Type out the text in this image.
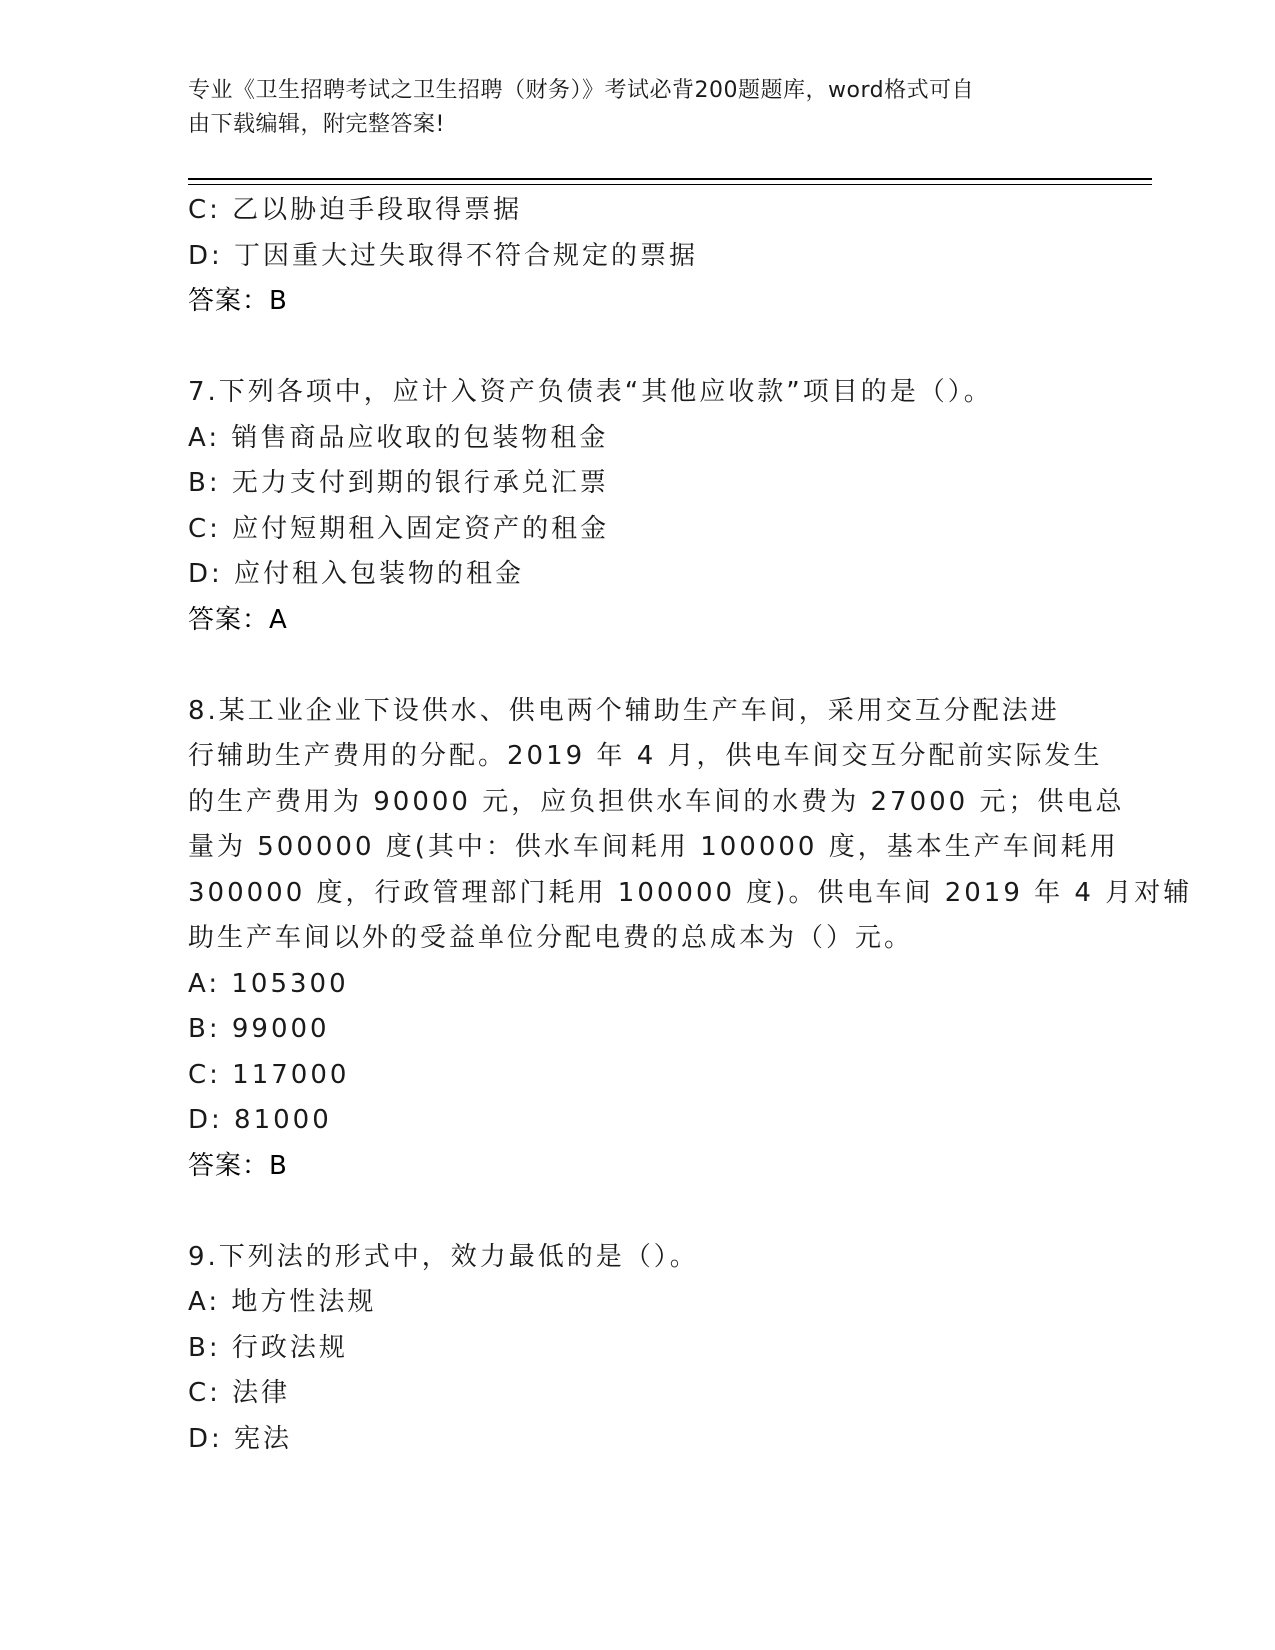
专业《卫生招聘考试之卫生招聘（财务）》考试必背200题题库，word格式可自
由下载编辑，附完整答案!
C: 乙以胁迫手段取得票据
D: 丁因重大过失取得不符合规定的票据
答案：B
7.下列各项中，应计入资产负债表“其他应收款”项目的是（）。
A: 销售商品应收取的包装物租金
B: 无力支付到期的银行承兑汇票
C: 应付短期租入固定资产的租金
D: 应付租入包装物的租金
答案：A
8.某工业企业下设供水、供电两个辅助生产车间，采用交互分配法进
行辅助生产费用的分配。2019 年 4 月，供电车间交互分配前实际发生
的生产费用为 90000 元，应负担供水车间的水费为 27000 元；供电总
量为 500000 度(其中：供水车间耗用 100000 度，基本生产车间耗用
300000 度，行政管理部门耗用 100000 度)。供电车间 2019 年 4 月对辅
助生产车间以外的受益单位分配电费的总成本为（）元。
A: 105300
B: 99000
C: 117000
D: 81000
答案：B
9.下列法的形式中，效力最低的是（）。
A: 地方性法规
B: 行政法规
C: 法律
D: 宪法
